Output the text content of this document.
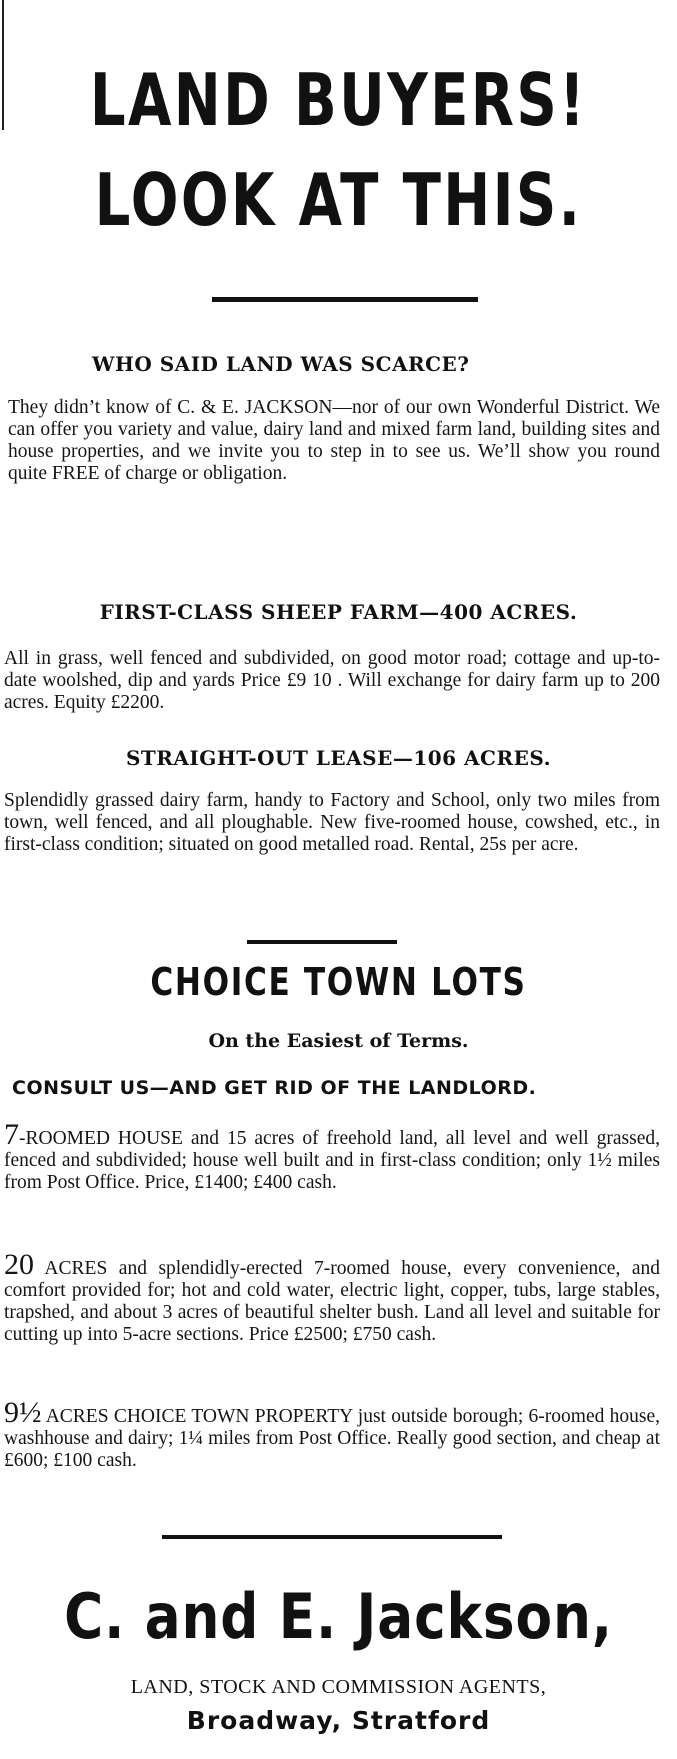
LAND BUYERS!
LOOK AT THIS.
WHO SAID LAND WAS SCARCE?
They didn’t know of C. & E. JACKSON—nor of our own Wonderful District. We can offer you variety and value, dairy land and mixed farm land, building sites and house properties, and we invite you to step in to see us. We’ll show you round quite FREE of charge or obligation.
FIRST-CLASS SHEEP FARM—400 ACRES.
All in grass, well fenced and subdivided, on good motor road; cottage and up-to-date woolshed, dip and yards Price £9 10 . Will exchange for dairy farm up to 200 acres. Equity £2200.
STRAIGHT-OUT LEASE—106 ACRES.
Splendidly grassed dairy farm, handy to Factory and School, only two miles from town, well fenced, and all ploughable. New five-roomed house, cowshed, etc., in first-class condition; situated on good metalled road. Rental, 25s per acre.
CHOICE TOWN LOTS
On the Easiest of Terms.
CONSULT US—AND GET RID OF THE LANDLORD.
7-ROOMED HOUSE and 15 acres of freehold land, all level and well grassed, fenced and subdivided; house well built and in first-class condition; only 1½ miles from Post Office. Price, £1400; £400 cash.
20 ACRES and splendidly-erected 7-roomed house, every convenience, and comfort provided for; hot and cold water, electric light, copper, tubs, large stables, trapshed, and about 3 acres of beautiful shelter bush. Land all level and suitable for cutting up into 5-acre sections. Price £2500; £750 cash.
9½ ACRES CHOICE TOWN PROPERTY just outside borough; 6-roomed house, washhouse and dairy; 1¼ miles from Post Office. Really good section, and cheap at £600; £100 cash.
C. and E. Jackson,
LAND, STOCK AND COMMISSION AGENTS,
Broadway, Stratford
